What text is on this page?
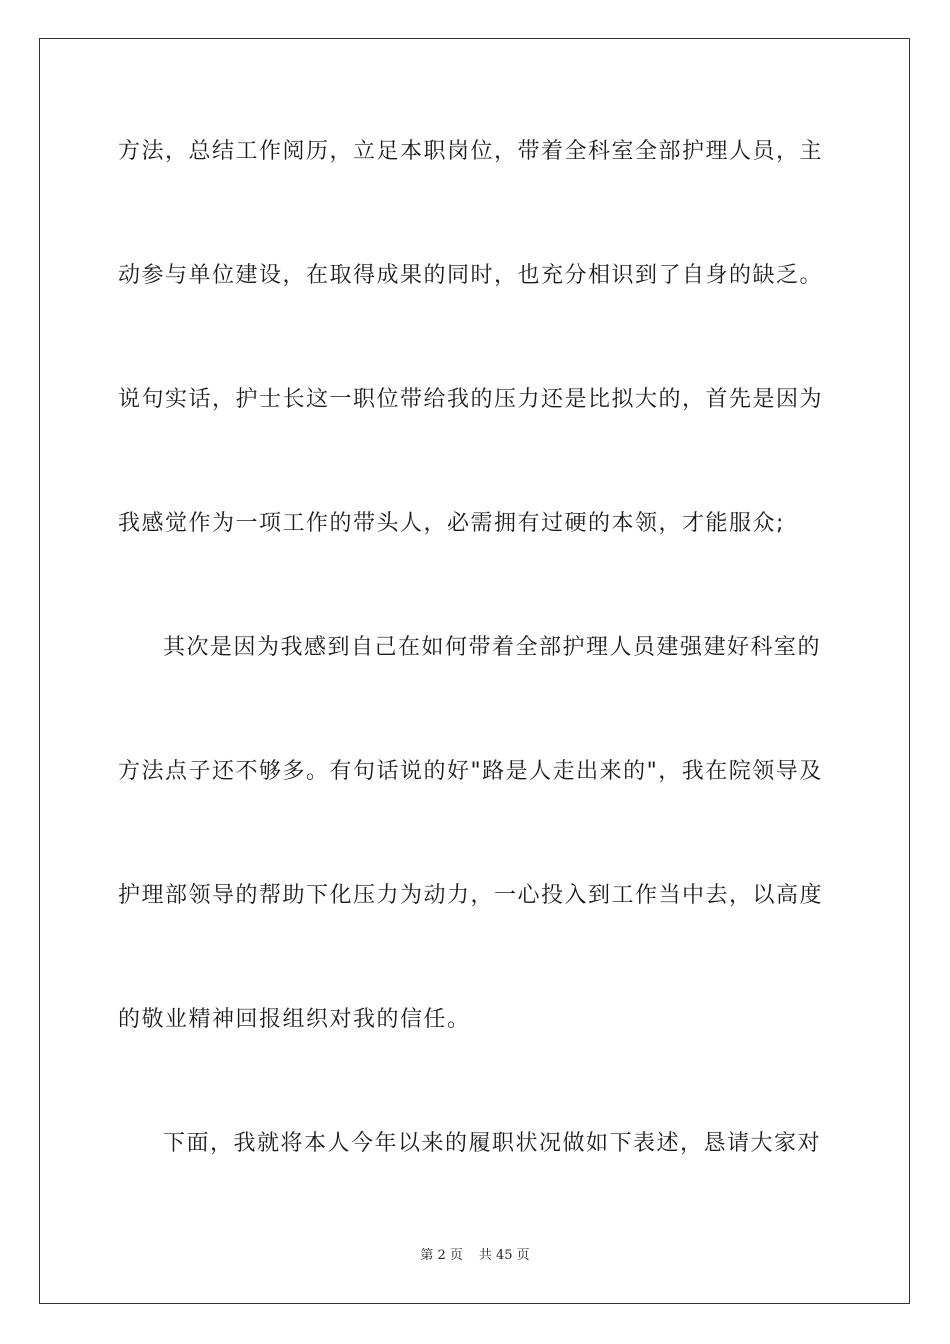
方法，总结工作阅历，立足本职岗位，带着全科室全部护理人员，主
动参与单位建设，在取得成果的同时，也充分相识到了自身的缺乏。
说句实话，护士长这一职位带给我的压力还是比拟大的，首先是因为
我感觉作为一项工作的带头人，必需拥有过硬的本领，才能服众;
其次是因为我感到自己在如何带着全部护理人员建强建好科室的
方法点子还不够多。有句话说的好"路是人走出来的"，我在院领导及
护理部领导的帮助下化压力为动力，一心投入到工作当中去，以高度
的敬业精神回报组织对我的信任。
下面，我就将本人今年以来的履职状况做如下表述，恳请大家对
第 2 页 共 45 页
